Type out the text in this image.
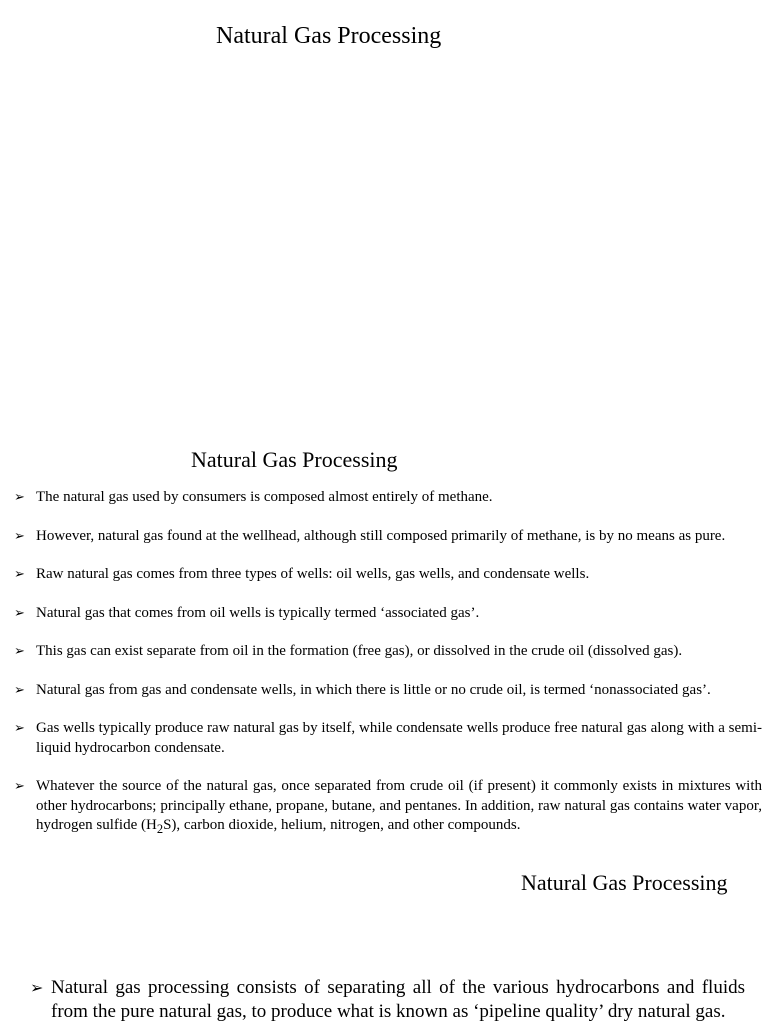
Natural Gas Processing
Natural Gas Processing
➢ The natural gas used by consumers is composed almost entirely of methane.
➢ However, natural gas found at the wellhead, although still composed primarily of methane, is by no means as pure.
➢ Raw natural gas comes from three types of wells: oil wells, gas wells, and condensate wells.
➢ Natural gas that comes from oil wells is typically termed ‘associated gas’.
➢ This gas can exist separate from oil in the formation (free gas), or dissolved in the crude oil (dissolved gas).
➢ Natural gas from gas and condensate wells, in which there is little or no crude oil, is termed ‘nonassociated gas’.
➢ Gas wells typically produce raw natural gas by itself, while condensate wells produce free natural gas along with a semi-liquid hydrocarbon condensate.
➢ Whatever the source of the natural gas, once separated from crude oil (if present) it commonly exists in mixtures with other hydrocarbons; principally ethane, propane, butane, and pentanes. In addition, raw natural gas contains water vapor, hydrogen sulfide $(H_2S)$, carbon dioxide, helium, nitrogen, and other compounds.
Natural Gas Processing
➢ Natural gas processing consists of separating all of the various hydrocarbons and fluids from the pure natural gas, to produce what is known as ‘pipeline quality’ dry natural gas.
